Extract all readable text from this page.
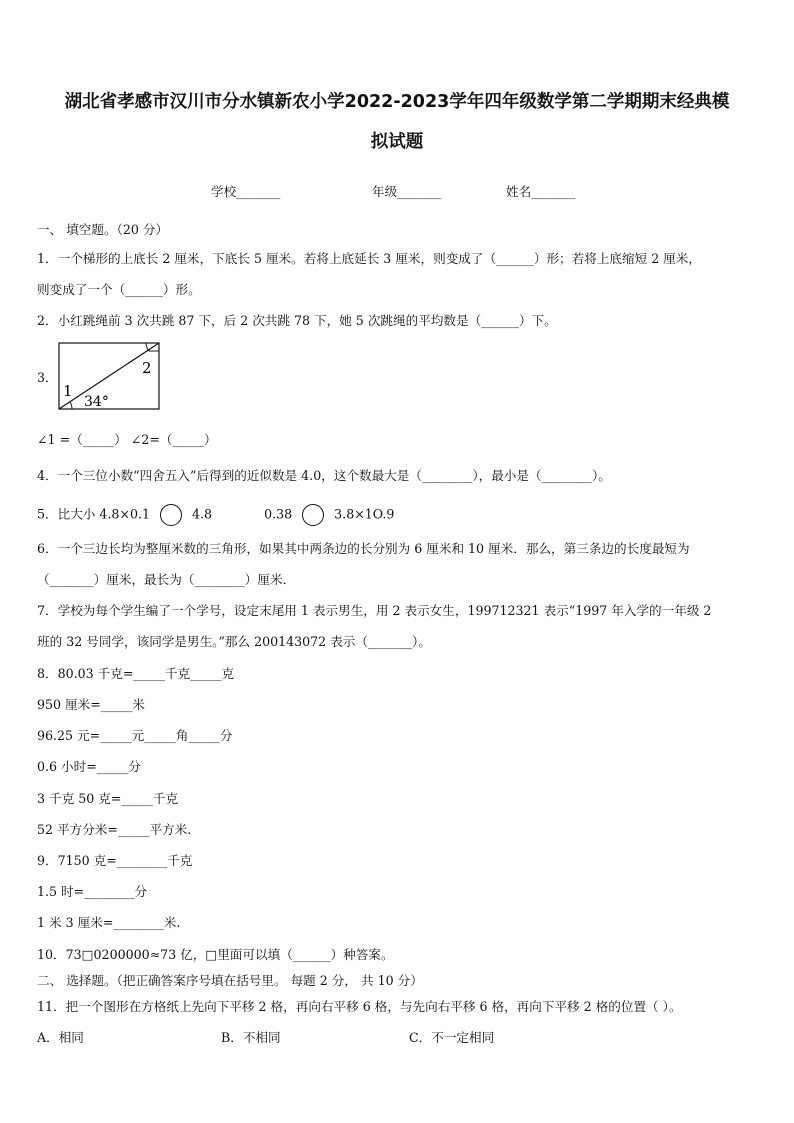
湖北省孝感市汉川市分水镇新农小学2022-2023学年四年级数学第二学期期末经典模
拟试题
学校_______	年级_______	姓名_______
一、 填空题。（20 分）
1．一个梯形的上底长 2 厘米，下底长 5 厘米。若将上底延长 3 厘米，则变成了（______）形；若将上底缩短 2 厘米，
则变成了一个（______）形。
2．小红跳绳前 3 次共跳 87 下，后 2 次共跳 78 下，她 5 次跳绳的平均数是（______）下。
3．
1
2
34°
∠1 =（_____） ∠2=（_____）
4．一个三位小数“四舍五入”后得到的近似数是 4.0，这个数最大是（________），最小是（________）。
5．比大小 4.8×0.1	4.8	0.38	3.8×1O.9
6．一个三边长均为整厘米数的三角形，如果其中两条边的长分别为 6 厘米和 10 厘米．那么，第三条边的长度最短为
（_______）厘米，最长为（________）厘米．
7．学校为每个学生编了一个学号，设定末尾用 1 表示男生，用 2 表示女生，199712321 表示“1997 年入学的一年级 2
班的 32 号同学，该同学是男生。”那么 200143072 表示（_______）。
8．80.03 千克=_____千克_____克
950 厘米=_____米
96.25 元=_____元_____角_____分
0.6 小时=_____分
3 千克 50 克=_____千克
52 平方分米=_____平方米.
9．7150 克=________千克
1.5 时=________分
1 米 3 厘米=________米.
10．73□0200000≈73 亿，□里面可以填（______）种答案。
二、 选择题。（把正确答案序号填在括号里。 每题 2 分， 共 10 分）
11．把一个图形在方格纸上先向下平移 2 格，再向右平移 6 格，与先向右平移 6 格，再向下平移 2 格的位置（ ）。
A．相同	B．不相同	C．不一定相同
